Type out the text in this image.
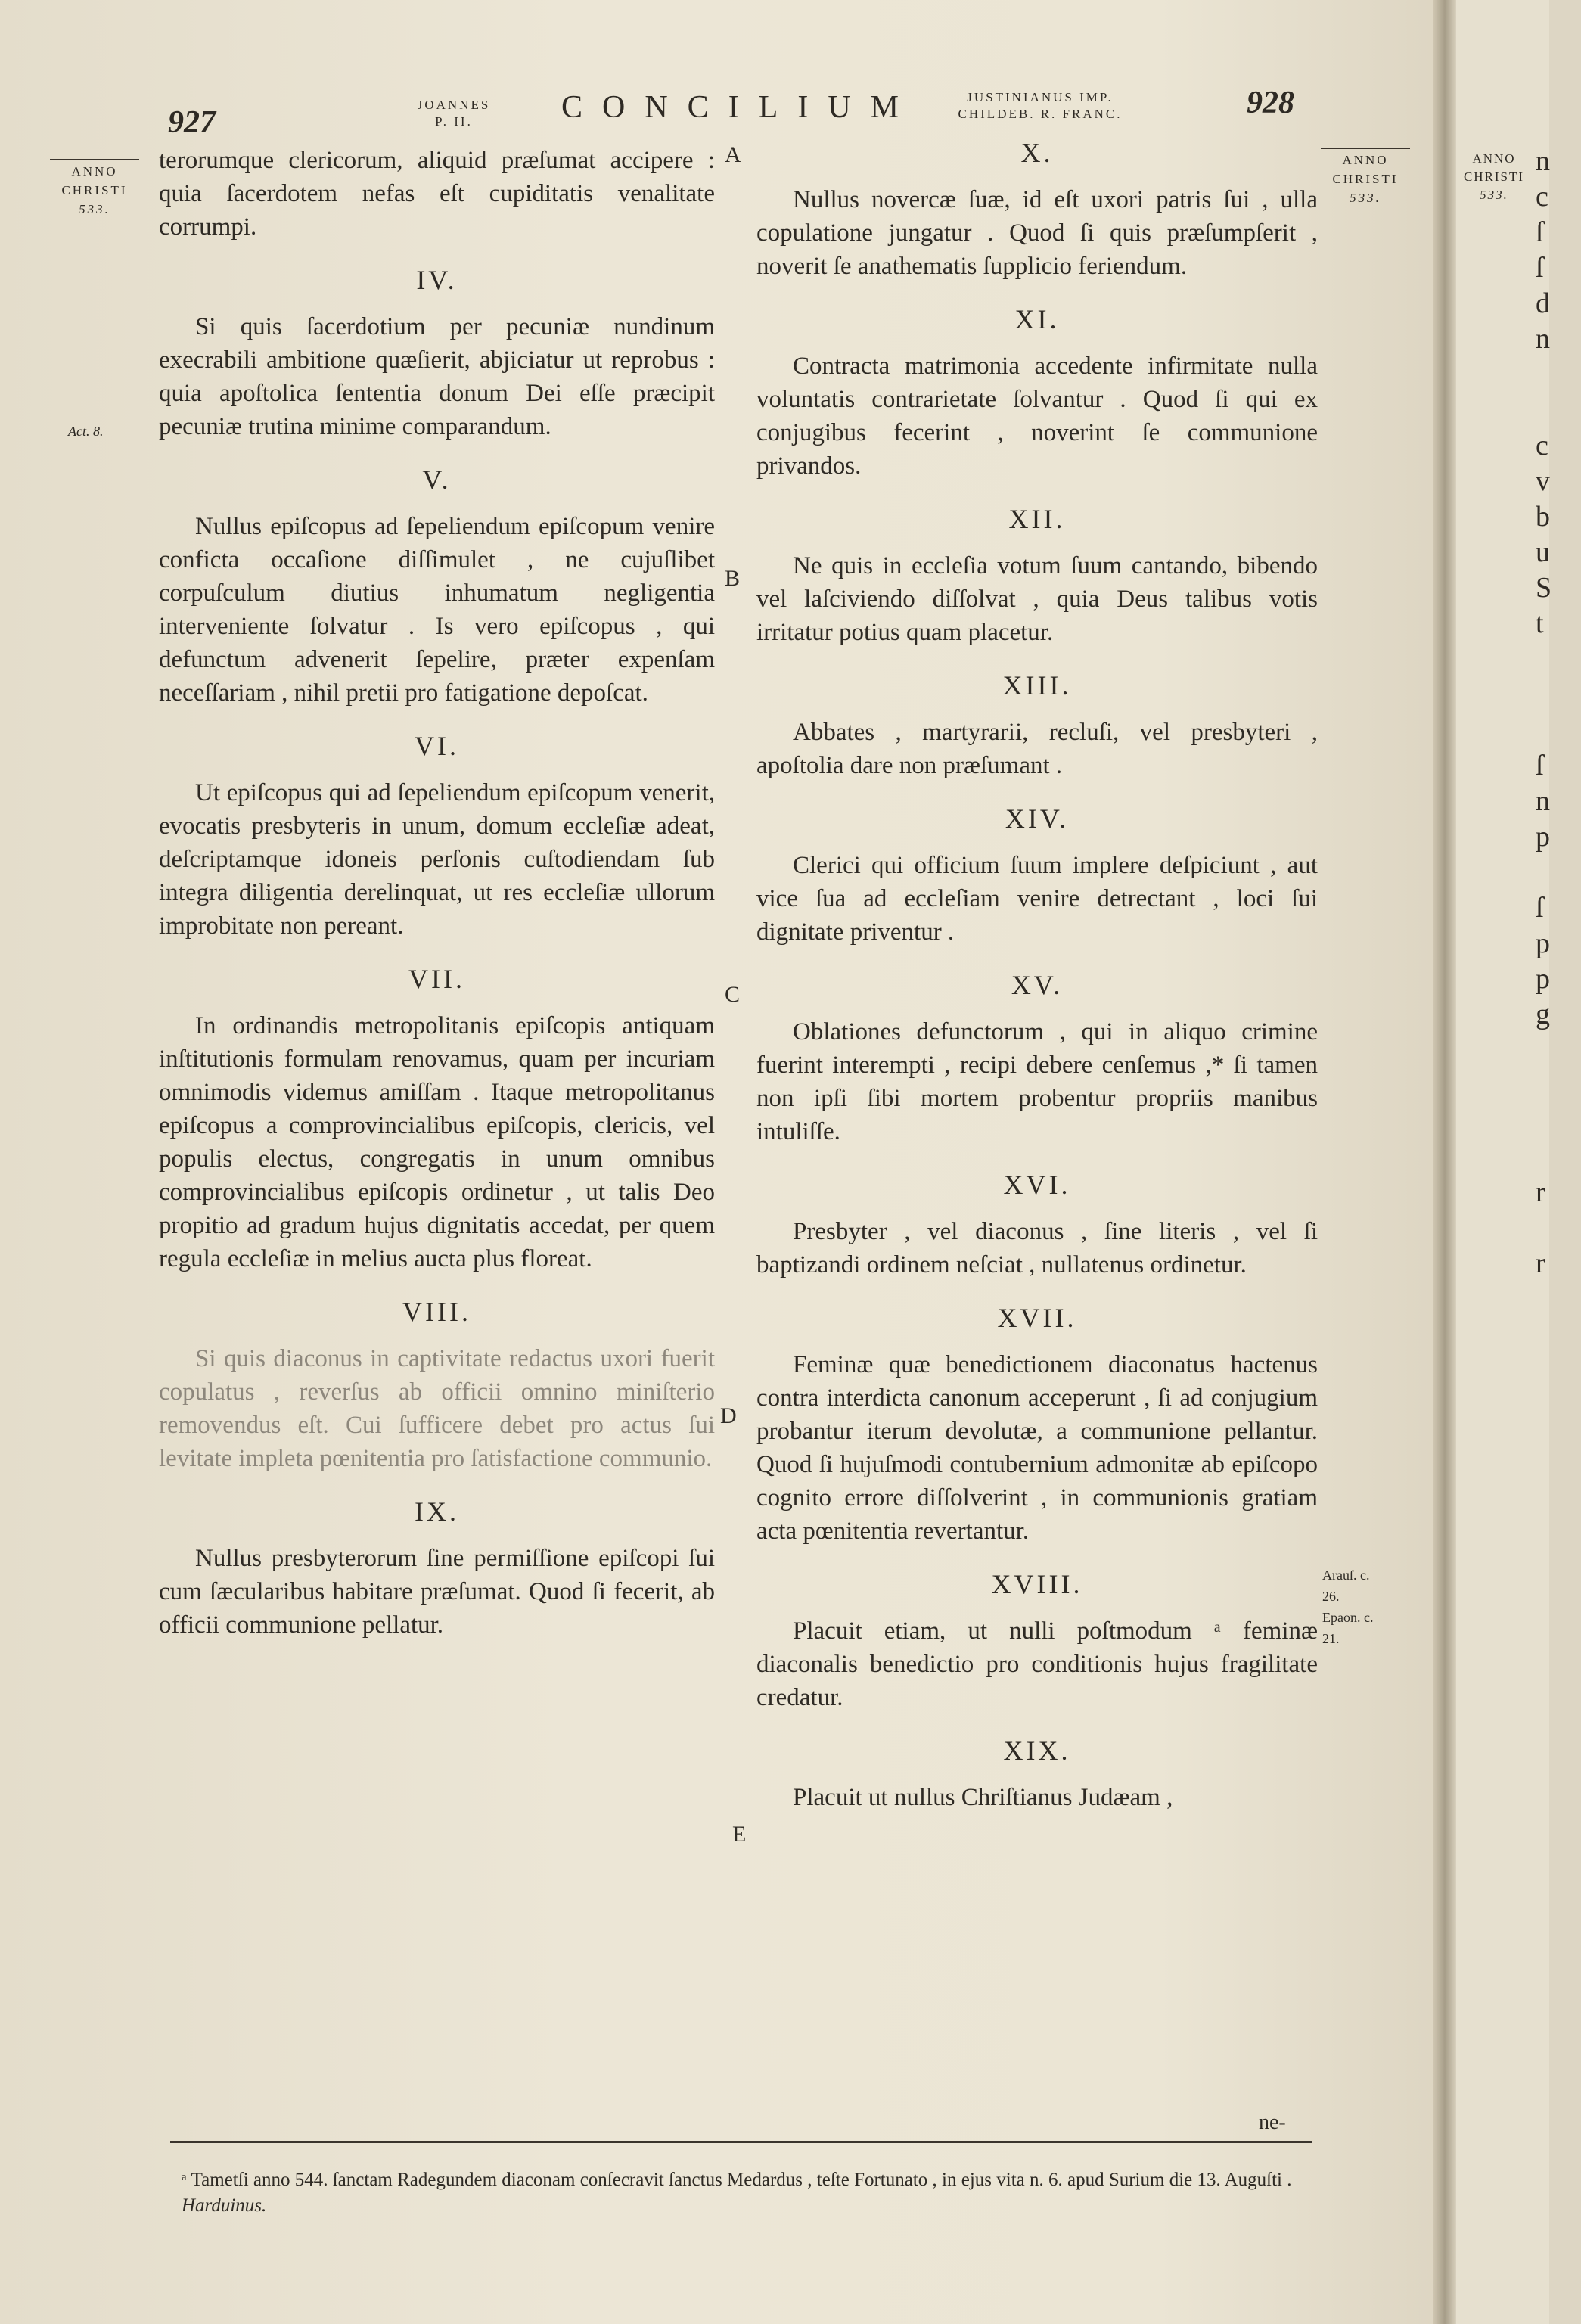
927
JOANNES
P. II.	CONCILIUM	JUSTINIANUS IMP.
CHILDEB. R. FRANC.	928
ANNO
CHRISTI
533.
ANNO
CHRISTI
533.
Act. 8.
A
B
C
D
E

terorumque clericorum, aliquid præſumat accipere : quia ſacerdotem nefas eſt cupiditatis venalitate corrumpi.

IV.

Si quis ſacerdotium per pecuniæ nundinum execrabili ambitione quæſierit, abjiciatur ut reprobus : quia apoſtolica ſententia donum Dei eſſe præcipit pecuniæ trutina minime comparandum.

V.

Nullus epiſcopus ad ſepeliendum epiſcopum venire conficta occaſione diſſimulet , ne cujuſlibet corpuſculum diutius inhumatum negligentia interveniente ſolvatur . Is vero epiſcopus , qui defunctum advenerit ſepelire, præter expenſam neceſſariam , nihil pretii pro fatigatione depoſcat.

VI.

Ut epiſcopus qui ad ſepeliendum epiſcopum venerit, evocatis presbyteris in unum, domum eccleſiæ adeat, deſcriptamque idoneis perſonis cuſtodiendam ſub integra diligentia derelinquat, ut res eccleſiæ ullorum improbitate non pereant.

VII.

In ordinandis metropolitanis epiſcopis antiquam inſtitutionis formulam renovamus, quam per incuriam omnimodis videmus amiſſam . Itaque metropolitanus epiſcopus a comprovincialibus epiſcopis, clericis, vel populis electus, congregatis in unum omnibus comprovincialibus epiſcopis ordinetur , ut talis Deo propitio ad gradum hujus dignitatis accedat, per quem regula eccleſiæ in melius aucta plus floreat.

VIII.

Si quis diaconus in captivitate redactus uxori fuerit copulatus , reverſus ab officii omnino miniſterio removendus eſt. Cui ſufficere debet pro actus ſui levitate impleta pœnitentia pro ſatisfactione communio.

IX.

Nullus presbyterorum ſine permiſſione epiſcopi ſui cum ſæcularibus habitare præſumat. Quod ſi fecerit, ab officii communione pellatur.

X.

Nullus novercæ ſuæ, id eſt uxori patris ſui , ulla copulatione jungatur . Quod ſi quis præſumpſerit , noverit ſe anathematis ſupplicio feriendum.

XI.

Contracta matrimonia accedente infirmitate nulla voluntatis contrarietate ſolvantur . Quod ſi qui ex conjugibus fecerint , noverint ſe communione privandos.

XII.

Ne quis in eccleſia votum ſuum cantando, bibendo vel laſciviendo diſſolvat , quia Deus talibus votis irritatur potius quam placetur.

XIII.

Abbates , martyrarii, recluſi, vel presbyteri , apoſtolia dare non præſumant .

XIV.

Clerici qui officium ſuum implere deſpiciunt , aut vice ſua ad eccleſiam venire detrectant , loci ſui dignitate priventur .

XV.

Oblationes defunctorum , qui in aliquo crimine fuerint interempti , recipi debere cenſemus ,* ſi tamen non ipſi ſibi mortem probentur propriis manibus intuliſſe.

XVI.

Presbyter , vel diaconus , ſine literis , vel ſi baptizandi ordinem neſciat , nullatenus ordinetur.

XVII.

Feminæ quæ benedictionem diaconatus hactenus contra interdicta canonum acceperunt , ſi ad conjugium probantur iterum devolutæ, a communione pellantur. Quod ſi hujuſmodi contubernium admonitæ ab epiſcopo cognito errore diſſolverint , in communionis gratiam acta pœnitentia revertantur.

XVIII.

Placuit etiam, ut nulli poſtmodum ᵃ feminæ diaconalis benedictio pro conditionis hujus fragilitate credatur.

XIX.

Placuit ut nullus Chriſtianus Judæam ,

Arauſ. c.
26.
Epaon. c.
21.
ne-
ᵃ Tametſi anno 544. ſanctam Radegundem diaconam conſecravit ſanctus Medardus , teſte Fortunato , in ejus vita n. 6. apud Surium die 13. Auguſti . Harduinus.
ANNO
CHRISTI
533.
n
c
ſ
ſ
d
n

c
v
b
u
S
t

ſ
n
p

ſ
p
p
g

r

r
